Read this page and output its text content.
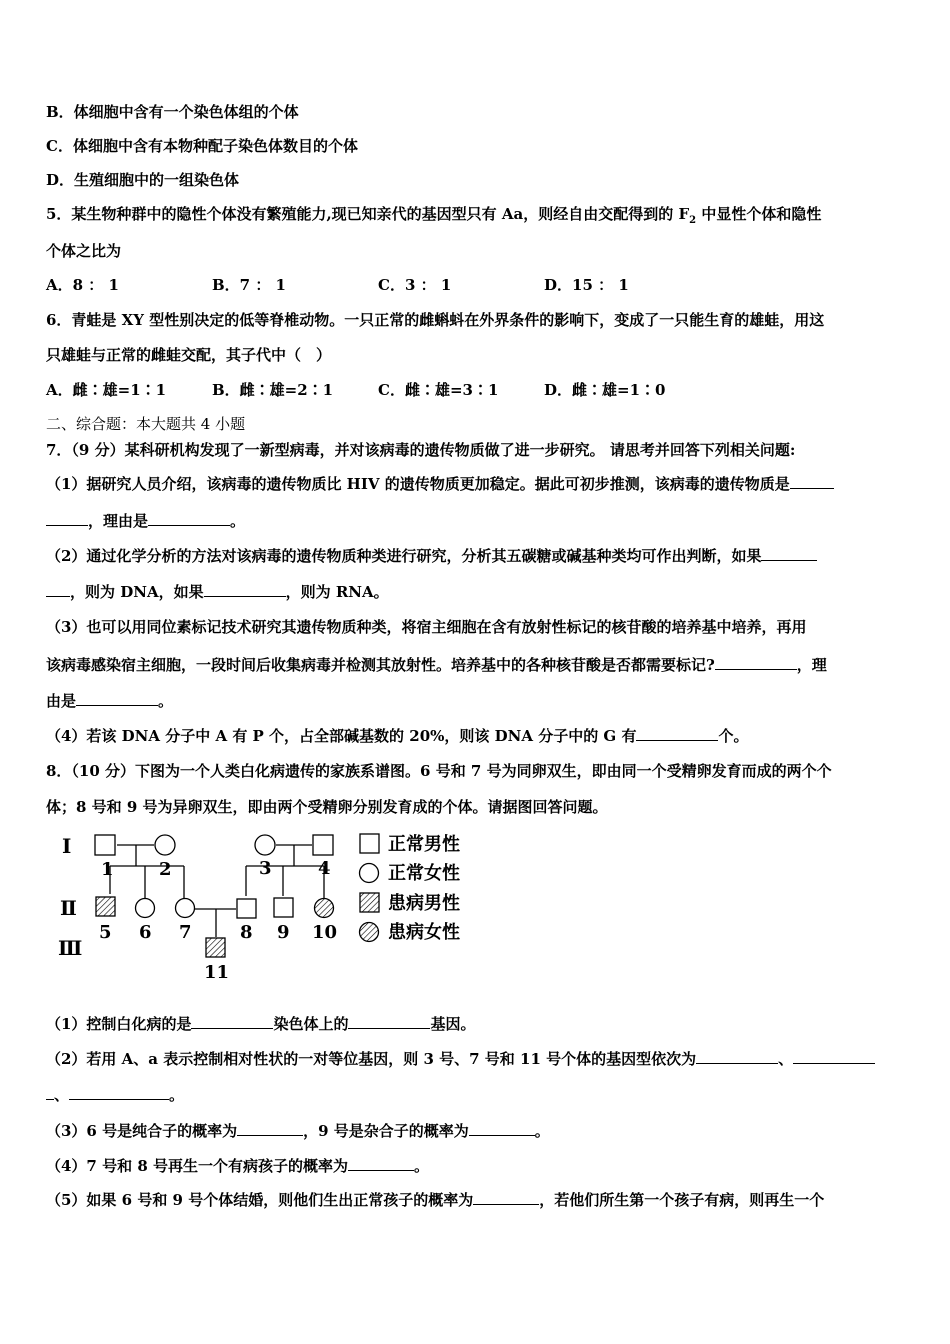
B．体细胞中含有一个染色体组的个体
C．体细胞中含有本物种配子染色体数目的个体
D．生殖细胞中的一组染色体
5．某生物种群中的隐性个体没有繁殖能力,现已知亲代的基因型只有 Aa，则经自由交配得到的 $F_2$ 中显性个体和隐性
个体之比为
A．8 ： 1	B．7 ： 1	C．3 ： 1	D．15 ： 1
6．青蛙是 XY 型性别决定的低等脊椎动物。一只正常的雌蝌蚪在外界条件的影响下，变成了一只能生育的雄蛙，用这
只雄蛙与正常的雌蛙交配，其子代中（　）
A．雌∶雄=1∶1	B．雌∶雄=2∶1	C．雌∶雄=3∶1	D．雌∶雄=1∶0
二、综合题：本大题共 4 小题
7．（9 分）某科研机构发现了一新型病毒，并对该病毒的遗传物质做了进一步研究。 请思考并回答下列相关问题:
（1）据研究人员介绍，该病毒的遗传物质比 HIV 的遗传物质更加稳定。据此可初步推测，该病毒的遗传物质是
，理由是	。
（2）通过化学分析的方法对该病毒的遗传物质种类进行研究，分析其五碳糖或碱基种类均可作出判断，如果
，则为 DNA，如果	，则为 RNA。
（3）也可以用同位素标记技术研究其遗传物质种类，将宿主细胞在含有放射性标记的核苷酸的培养基中培养，再用
该病毒感染宿主细胞，一段时间后收集病毒并检测其放射性。培养基中的各种核苷酸是否都需要标记?	，理
由是	。
（4）若该 DNA 分子中 A 有 P 个，占全部碱基数的 20%，则该 DNA 分子中的 G 有	个。
8．（10 分）下图为一个人类白化病遗传的家族系谱图。6 号和 7 号为同卵双生，即由同一个受精卵发育而成的两个个
体；8 号和 9 号为异卵双生，即由两个受精卵分别发育成的个体。请据图回答问题。
Ⅰ
Ⅱ
Ⅲ
1	2	3	4
5 6 7	8 9 10
11
正常男性
正常女性
患病男性
患病女性
（1）控制白化病的是	染色体上的	基因。
（2）若用 A、a 表示控制相对性状的一对等位基因，则 3 号、7 号和 11 号个体的基因型依次为	、
、	。
（3）6 号是纯合子的概率为	，9 号是杂合子的概率为	。
（4）7 号和 8 号再生一个有病孩子的概率为	。
（5）如果 6 号和 9 号个体结婚，则他们生出正常孩子的概率为	，若他们所生第一个孩子有病，则再生一个
